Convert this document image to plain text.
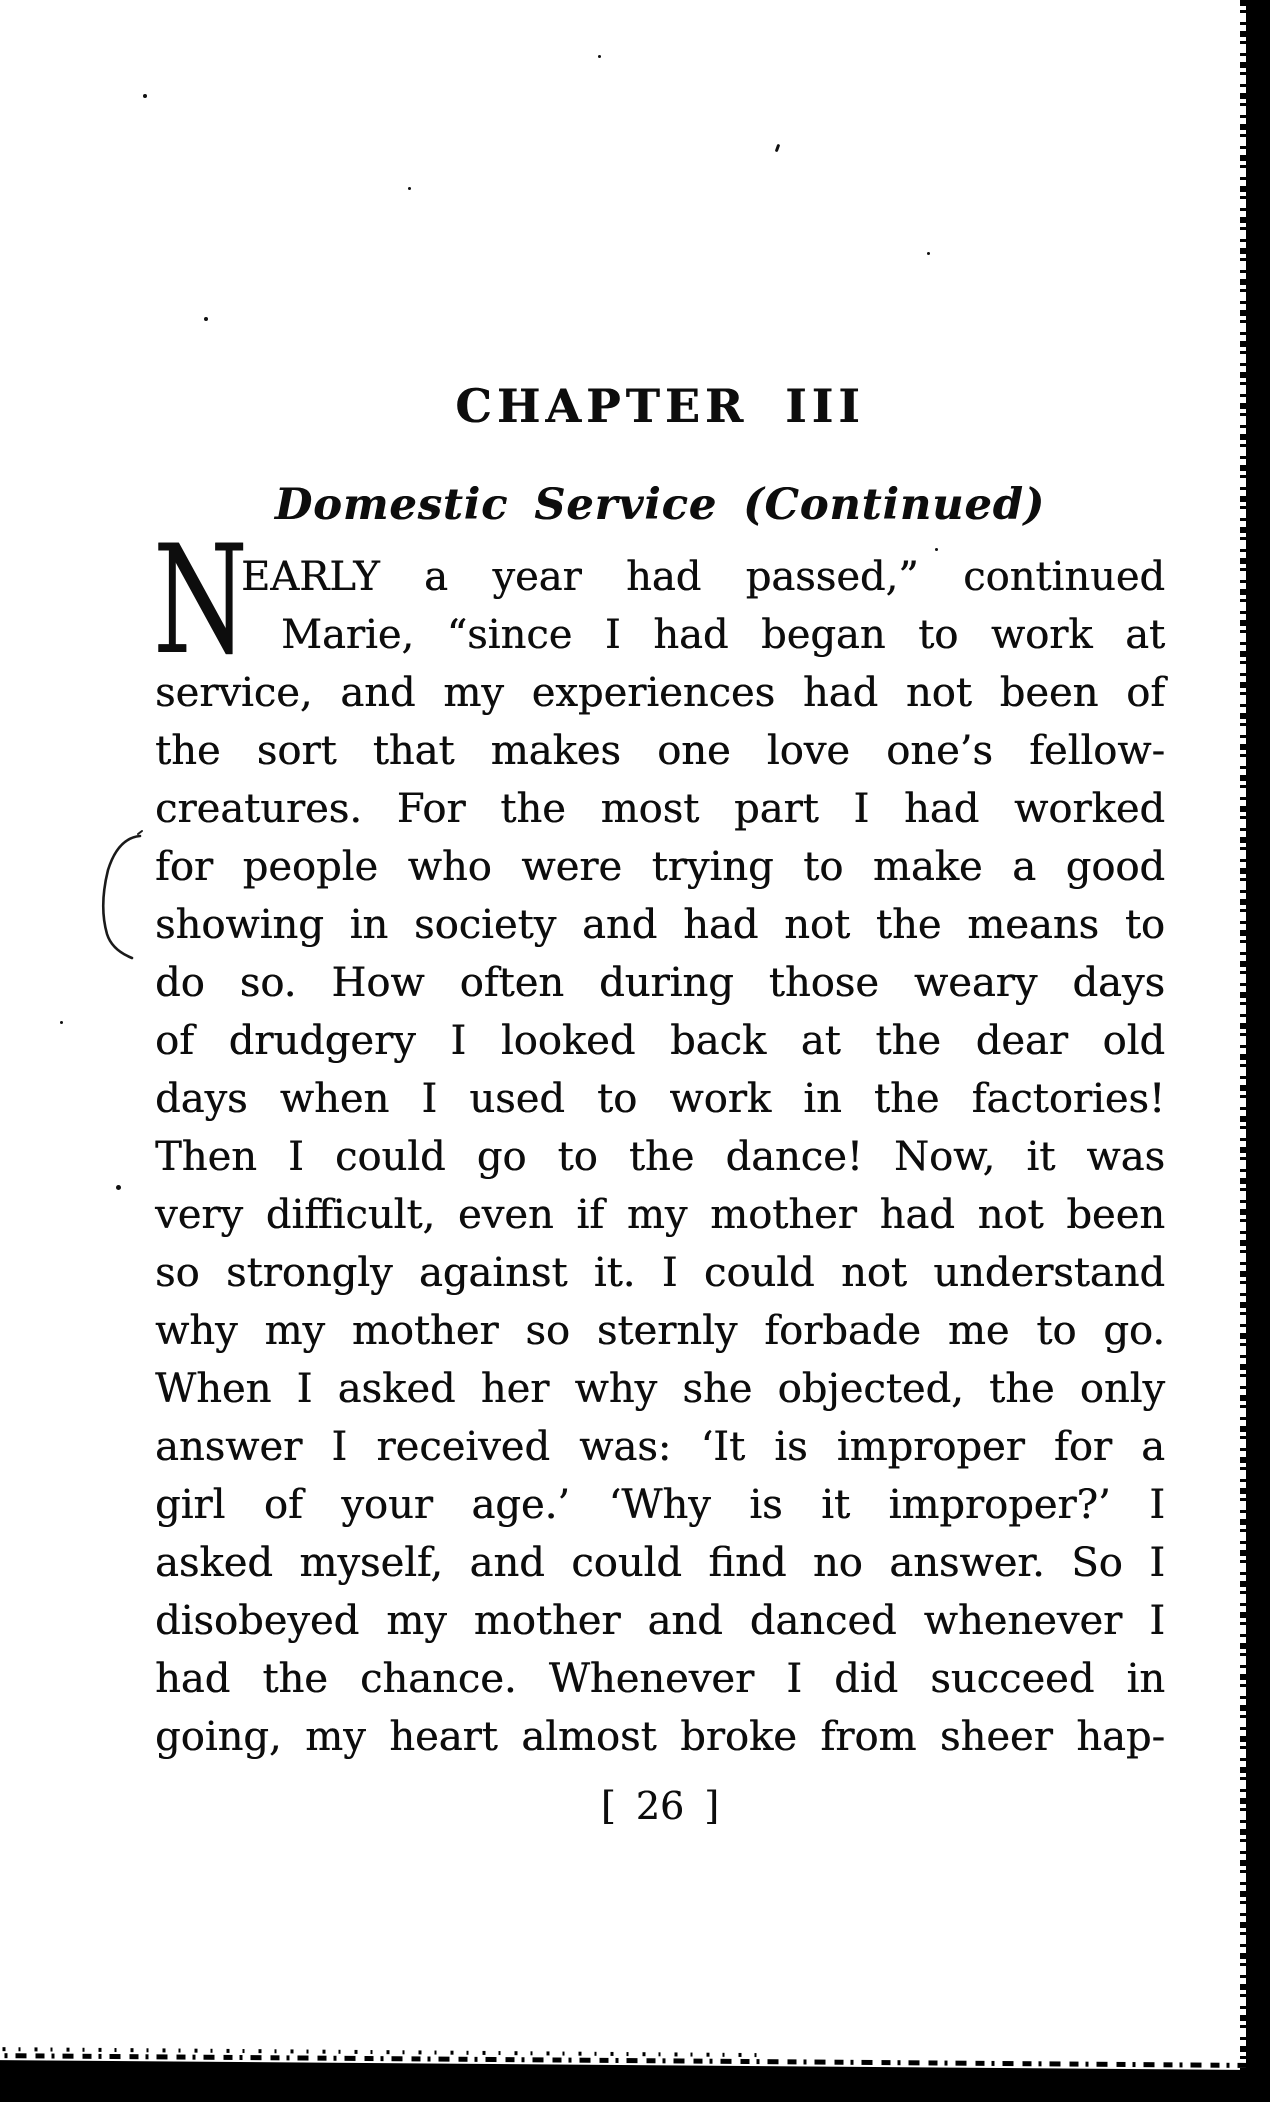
CHAPTER III
Domestic Service (Continued)
N
EARLY a year had passed,” continued
Marie, “since I had began to work at
service, and my experiences had not been of
the sort that makes one love one’s fellow-
creatures. For the most part I had worked
for people who were trying to make a good
showing in society and had not the means to
do so. How often during those weary days
of drudgery I looked back at the dear old
days when I used to work in the factories!
Then I could go to the dance! Now, it was
very difficult, even if my mother had not been
so strongly against it. I could not understand
why my mother so sternly forbade me to go.
When I asked her why she objected, the only
answer I received was: ‘It is improper for a
girl of your age.’ ‘Why is it improper?’ I
asked myself, and could find no answer. So I
disobeyed my mother and danced whenever I
had the chance. Whenever I did succeed in
going, my heart almost broke from sheer hap-
[ 26 ]
